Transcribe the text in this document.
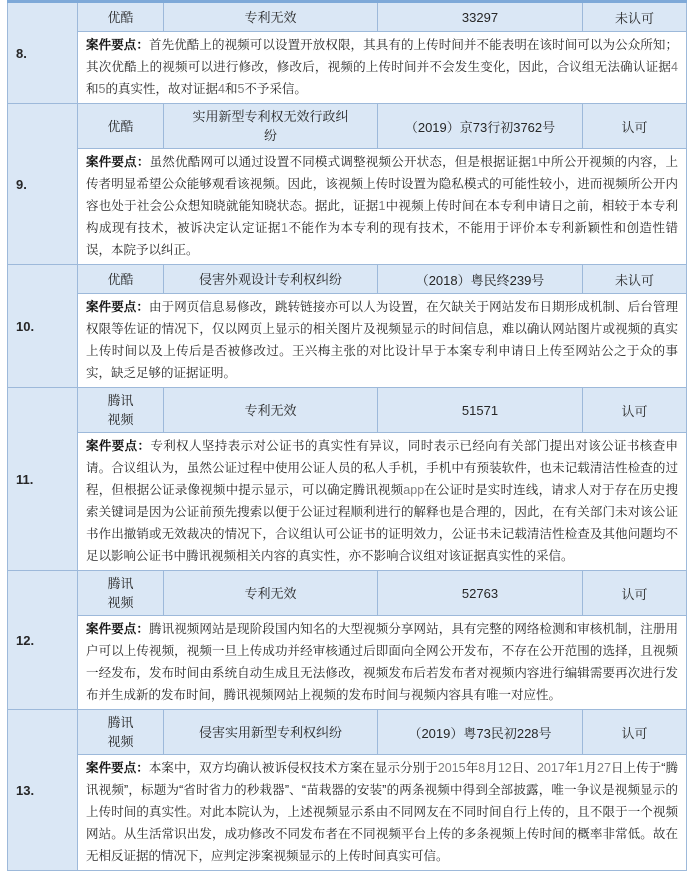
8.	优酷	专利无效	33297	未认可
	案件要点：首先优酷上的视频可以设置开放权限，其具有的上传时间并不能表明在该时间可以为公众所知；其次优酷上的视频可以进行修改，修改后，视频的上传时间并不会发生变化，因此，合议组无法确认证据4和5的真实性，故对证据4和5不予采信。			
9.	优酷	实用新型专利权无效行政纠纷	（2019）京73行初3762号	认可
	案件要点：虽然优酷网可以通过设置不同模式调整视频公开状态，但是根据证据1中所公开视频的内容，上传者明显希望公众能够观看该视频。因此，该视频上传时设置为隐私模式的可能性较小，进而视频所公开内容也处于社会公众想知晓就能知晓状态。据此，证据1中视频上传时间在本专利申请日之前，相较于本专利构成现有技术，被诉决定认定证据1不能作为本专利的现有技术，不能用于评价本专利新颖性和创造性错误，本院予以纠正。			
10.	优酷	侵害外观设计专利权纠纷	（2018）粤民终239号	未认可
	案件要点：由于网页信息易修改，跳转链接亦可以人为设置，在欠缺关于网站发布日期形成机制、后台管理权限等佐证的情况下，仅以网页上显示的相关图片及视频显示的时间信息，难以确认网站图片或视频的真实上传时间以及上传后是否被修改过。王兴梅主张的对比设计早于本案专利申请日上传至网站公之于众的事实，缺乏足够的证据证明。			
11.	腾讯视频	专利无效	51571	认可
	案件要点：专利权人坚持表示对公证书的真实性有异议，同时表示已经向有关部门提出对该公证书核查申请。合议组认为，虽然公证过程中使用公证人员的私人手机，手机中有预装软件，也未记载清洁性检查的过程，但根据公证录像视频中提示显示，可以确定腾讯视频app在公证时是实时连线，请求人对于存在历史搜索关键词是因为公证前预先搜索以便于公证过程顺利进行的解释也是合理的，因此，在有关部门未对该公证书作出撤销或无效裁决的情况下，合议组认可公证书的证明效力，公证书未记载清洁性检查及其他问题均不足以影响公证书中腾讯视频相关内容的真实性，亦不影响合议组对该证据真实性的采信。			
12.	腾讯视频	专利无效	52763	认可
	案件要点：腾讯视频网站是现阶段国内知名的大型视频分享网站，具有完整的网络检测和审核机制，注册用户可以上传视频，视频一旦上传成功并经审核通过后即面向全网公开发布，不存在公开范围的选择，且视频一经发布，发布时间由系统自动生成且无法修改，视频发布后若发布者对视频内容进行编辑需要再次进行发布并生成新的发布时间，腾讯视频网站上视频的发布时间与视频内容具有唯一对应性。			
13.	腾讯视频	侵害实用新型专利权纠纷	（2019）粤73民初228号	认可
	案件要点：本案中，双方均确认被诉侵权技术方案在显示分别于2015年8月12日、2017年1月27日上传于“腾讯视频”，标题为“省时省力的秒栽器”、“苗栽器的安装”的两条视频中得到全部披露，唯一争议是视频显示的上传时间的真实性。对此本院认为，上述视频显示系由不同网友在不同时间自行上传的，且不限于一个视频网站。从生活常识出发，成功修改不同发布者在不同视频平台上传的多条视频上传时间的概率非常低。故在无相反证据的情况下，应判定涉案视频显示的上传时间真实可信。			
